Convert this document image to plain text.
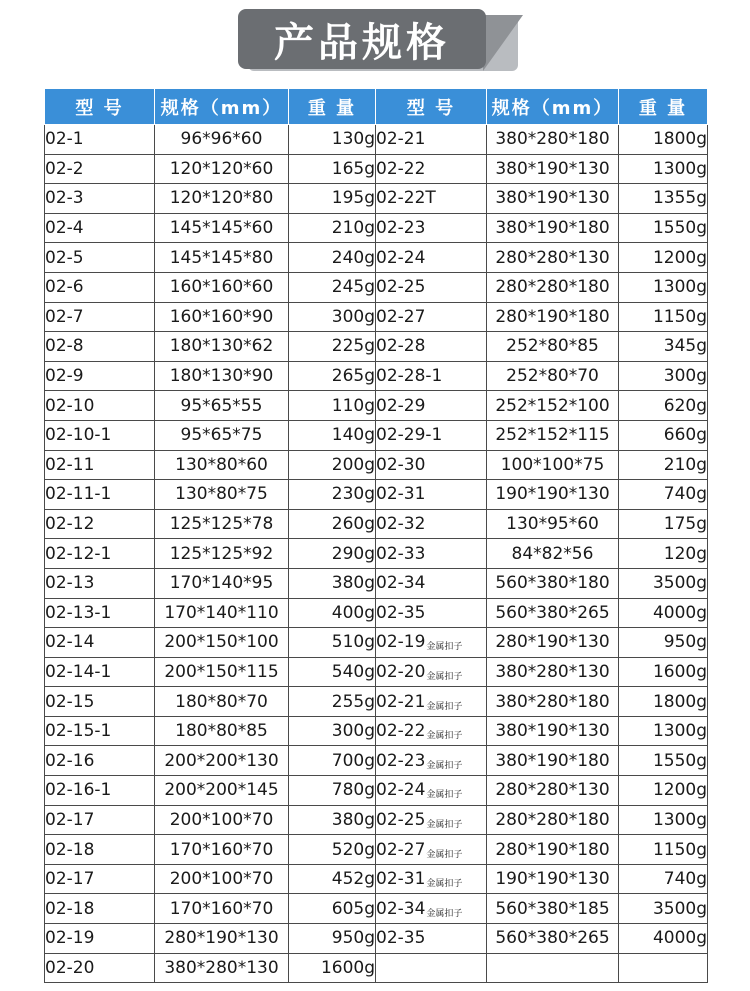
产品规格
型 号	规格（mm）	重 量	型 号	规格（mm）	重 量
02-1	96*96*60	130g	02-21	380*280*180	1800g
02-2	120*120*60	165g	02-22	380*190*130	1300g
02-3	120*120*80	195g	02-22T	380*190*130	1355g
02-4	145*145*60	210g	02-23	380*190*180	1550g
02-5	145*145*80	240g	02-24	280*280*130	1200g
02-6	160*160*60	245g	02-25	280*280*180	1300g
02-7	160*160*90	300g	02-27	280*190*180	1150g
02-8	180*130*62	225g	02-28	252*80*85	345g
02-9	180*130*90	265g	02-28-1	252*80*70	300g
02-10	95*65*55	110g	02-29	252*152*100	620g
02-10-1	95*65*75	140g	02-29-1	252*152*115	660g
02-11	130*80*60	200g	02-30	100*100*75	210g
02-11-1	130*80*75	230g	02-31	190*190*130	740g
02-12	125*125*78	260g	02-32	130*95*60	175g
02-12-1	125*125*92	290g	02-33	84*82*56	120g
02-13	170*140*95	380g	02-34	560*380*180	3500g
02-13-1	170*140*110	400g	02-35	560*380*265	4000g
02-14	200*150*100	510g	02-19金属扣子	280*190*130	950g
02-14-1	200*150*115	540g	02-20金属扣子	380*280*130	1600g
02-15	180*80*70	255g	02-21金属扣子	380*280*180	1800g
02-15-1	180*80*85	300g	02-22金属扣子	380*190*130	1300g
02-16	200*200*130	700g	02-23金属扣子	380*190*180	1550g
02-16-1	200*200*145	780g	02-24金属扣子	280*280*130	1200g
02-17	200*100*70	380g	02-25金属扣子	280*280*180	1300g
02-18	170*160*70	520g	02-27金属扣子	280*190*180	1150g
02-17	200*100*70	452g	02-31金属扣子	190*190*130	740g
02-18	170*160*70	605g	02-34金属扣子	560*380*185	3500g
02-19	280*190*130	950g	02-35	560*380*265	4000g
02-20	380*280*130	1600g			
